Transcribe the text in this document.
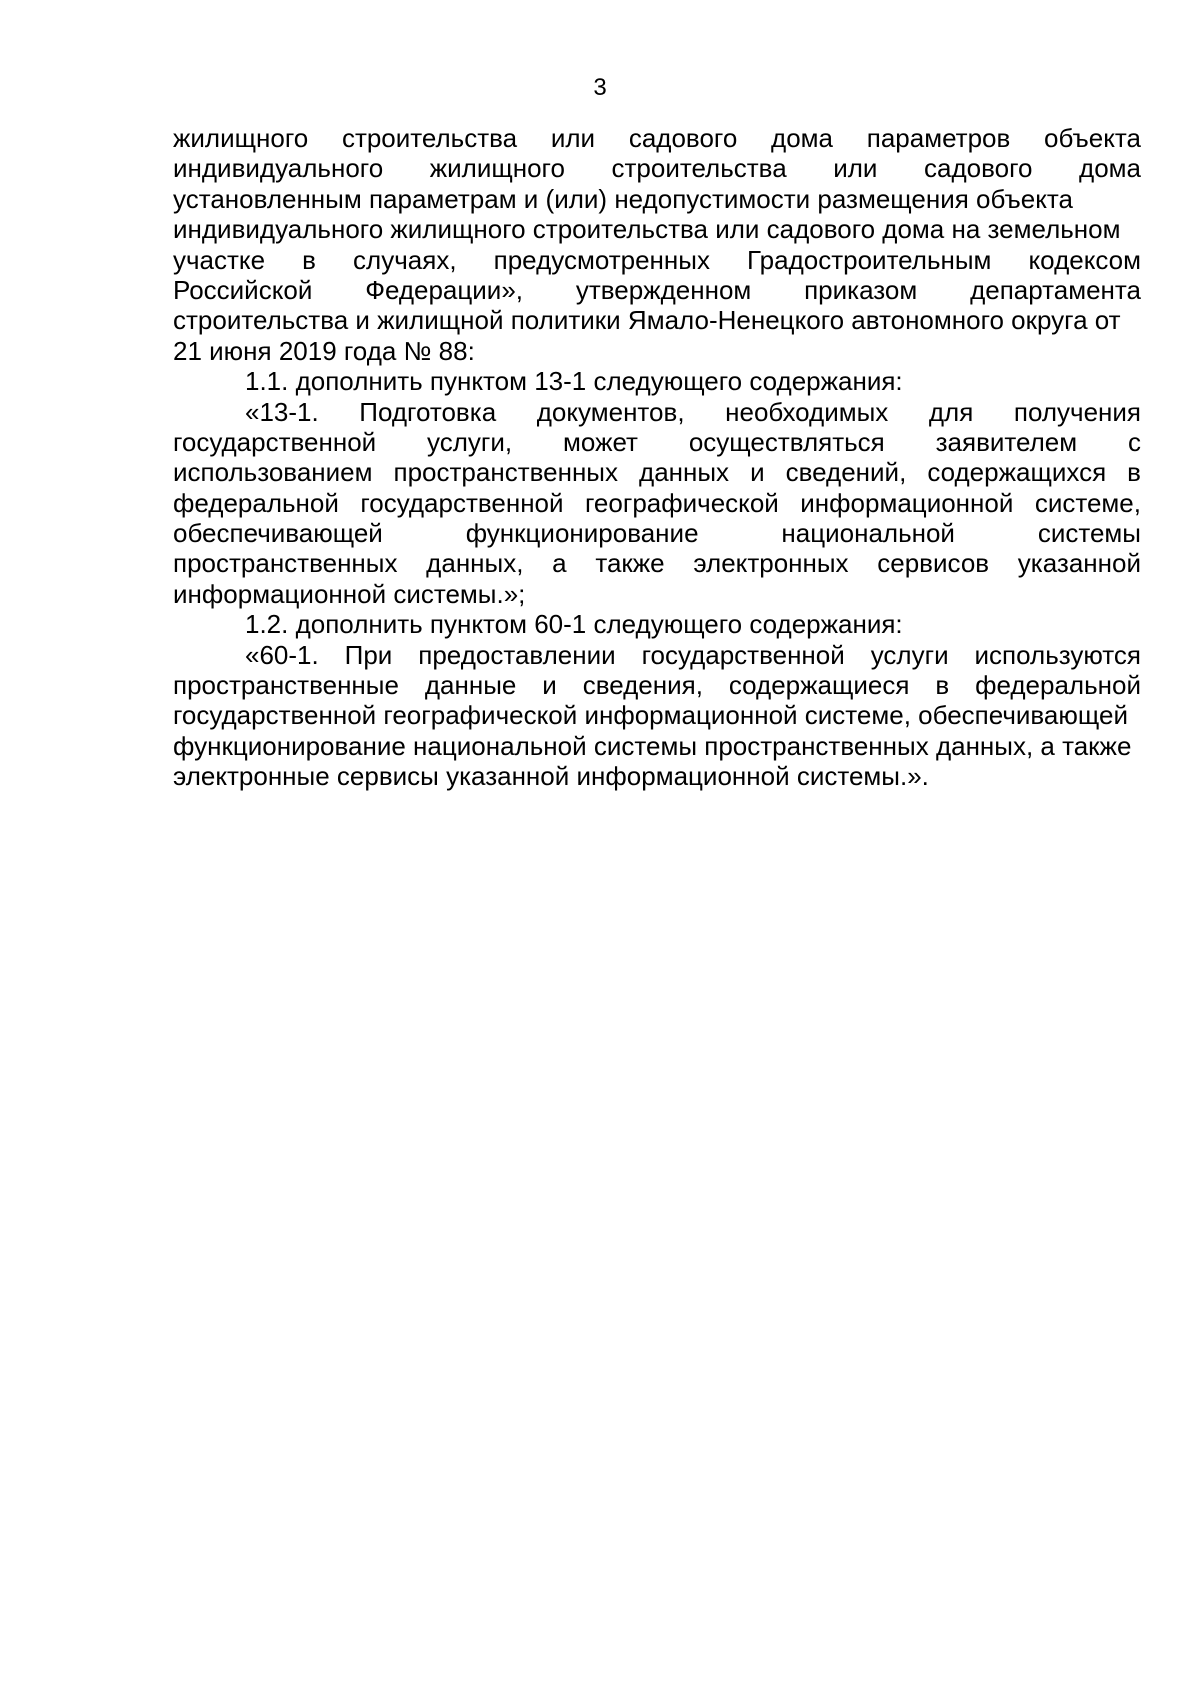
3
жилищного строительства или садового дома параметров объекта
индивидуального жилищного строительства или садового дома
установленным параметрам и (или) недопустимости размещения объекта
индивидуального жилищного строительства или садового дома на земельном
участке в случаях, предусмотренных Градостроительным кодексом
Российской Федерации», утвержденном приказом департамента
строительства и жилищной политики Ямало-Ненецкого автономного округа от
21 июня 2019 года № 88:
1.1. дополнить пунктом 13-1 следующего содержания:
«13-1. Подготовка документов, необходимых для получения
государственной услуги, может осуществляться заявителем с
использованием пространственных данных и сведений, содержащихся в
федеральной государственной географической информационной системе,
обеспечивающей функционирование национальной системы
пространственных данных, а также электронных сервисов указанной
информационной системы.»;
1.2. дополнить пунктом 60-1 следующего содержания:
«60-1. При предоставлении государственной услуги используются
пространственные данные и сведения, содержащиеся в федеральной
государственной географической информационной системе, обеспечивающей
функционирование национальной системы пространственных данных, а также
электронные сервисы указанной информационной системы.».
